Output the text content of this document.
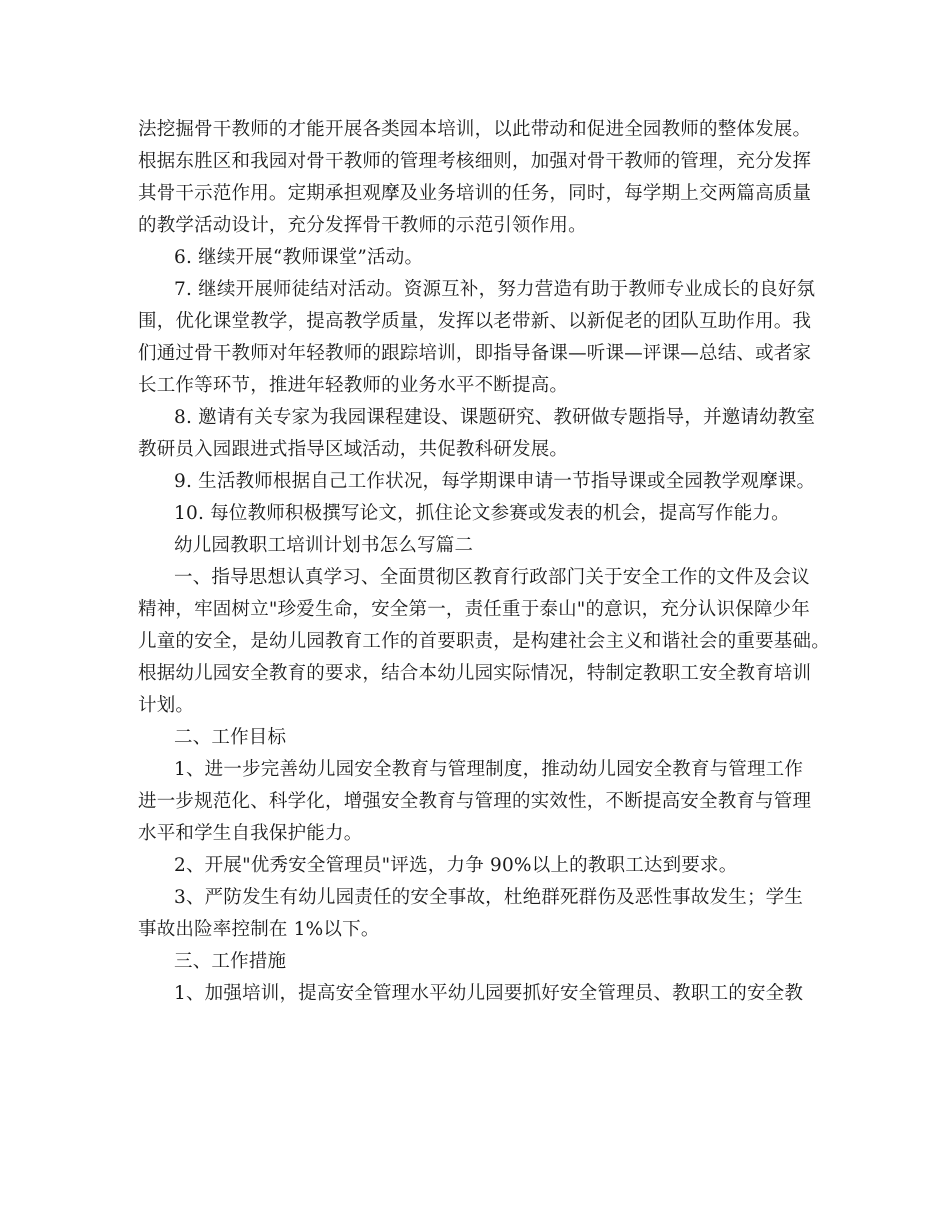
法挖掘骨干教师的才能开展各类园本培训，以此带动和促进全园教师的整体发展。
根据东胜区和我园对骨干教师的管理考核细则，加强对骨干教师的管理，充分发挥
其骨干示范作用。定期承担观摩及业务培训的任务，同时，每学期上交两篇高质量
的教学活动设计，充分发挥骨干教师的示范引领作用。
6. 继续开展“教师课堂”活动。
7. 继续开展师徒结对活动。资源互补，努力营造有助于教师专业成长的良好氛
围，优化课堂教学，提高教学质量，发挥以老带新、以新促老的团队互助作用。我
们通过骨干教师对年轻教师的跟踪培训，即指导备课—听课—评课—总结、或者家
长工作等环节，推进年轻教师的业务水平不断提高。
8. 邀请有关专家为我园课程建设、课题研究、教研做专题指导，并邀请幼教室
教研员入园跟进式指导区域活动，共促教科研发展。
9. 生活教师根据自己工作状况，每学期课申请一节指导课或全园教学观摩课。
10. 每位教师积极撰写论文，抓住论文参赛或发表的机会，提高写作能力。
幼儿园教职工培训计划书怎么写篇二
一、指导思想认真学习、全面贯彻区教育行政部门关于安全工作的文件及会议
精神，牢固树立"珍爱生命，安全第一，责任重于泰山"的意识，充分认识保障少年
儿童的安全，是幼儿园教育工作的首要职责，是构建社会主义和谐社会的重要基础。
根据幼儿园安全教育的要求，结合本幼儿园实际情况，特制定教职工安全教育培训
计划。
二、工作目标
1、进一步完善幼儿园安全教育与管理制度，推动幼儿园安全教育与管理工作
进一步规范化、科学化，增强安全教育与管理的实效性，不断提高安全教育与管理
水平和学生自我保护能力。
2、开展"优秀安全管理员"评选，力争 90%以上的教职工达到要求。
3、严防发生有幼儿园责任的安全事故，杜绝群死群伤及恶性事故发生；学生
事故出险率控制在 1%以下。
三、工作措施
1、加强培训，提高安全管理水平幼儿园要抓好安全管理员、教职工的安全教
